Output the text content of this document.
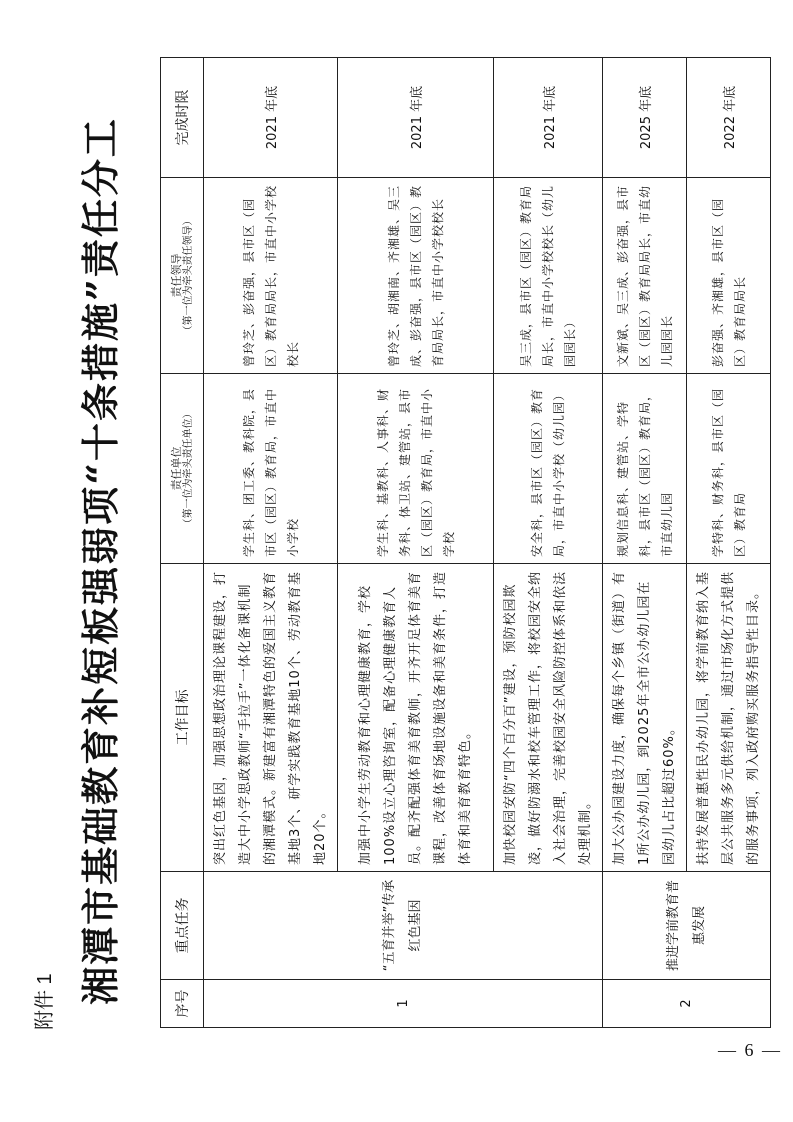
— 6 —
附件 1 湘潭市基础教育补短板强弱项“十条措施”责任分工	序号	重点任务	工作目标	责任单位 （第一位为牵头责任单位）	责任领导 （第一位为牵头责任领导）	完成时限
1	“五育并举”传承红色基因	突出红色基因，加强思想政治理论课程建设，打造大中小学思政教师“手拉手”一体化备课机制的湘潭模式。新建富有湘潭特色的爱国主义教育基地3个、研学实践教育基地10个、劳动教育基地20个。	学生科、团工委、教科院，县市区（园区）教育局，市直中小学校	曾玲芝、彭奋强，县市区（园区）教育局局长，市直中小学校校长	2021 年底
		加强中小学生劳动教育和心理健康教育，学校100%设立心理咨询室，配备心理健康教育人员。配齐配强体育美育教师，开齐开足体育美育课程，改善体育场地设施设备和美育条件，打造体育和美育教育特色。	学生科、基教科、人事科、财务科、体卫站、建管站，县市区（园区）教育局，市直中小学校	曾玲芝、胡湘南、齐湘雄、吴三成、彭奋强，县市区（园区）教育局局长，市直中小学校校长	2021 年底
		加快校园安防“四个百分百”建设，预防校园欺凌，做好防溺水和校车管理工作，将校园安全纳入社会治理，完善校园安全风险防控体系和依法处理机制。	安全科，县市区（园区）教育局，市直中小学校（幼儿园）	吴三成，县市区（园区）教育局局长，市直中小学校校长（幼儿园园长）	2021 年底
2	推进学前教育普惠发展	加大公办园建设力度，确保每个乡镇（街道）有1所公办幼儿园，到2025年全市公办幼儿园在园幼儿占比超过60%。	规划信息科、建管站、学特科，县市区（园区）教育局，市直幼儿园	文新斌、吴三成、彭奋强，县市区（园区）教育局局长，市直幼儿园园长	2025 年底
		扶持发展普惠性民办幼儿园，将学前教育纳入基层公共服务多元供给机制，通过市场化方式提供的服务事项，列入政府购买服务指导性目录。	学特科、财务科，县市区（园区）教育局	彭奋强、齐湘雄，县市区（园区）教育局局长	2022 年底
